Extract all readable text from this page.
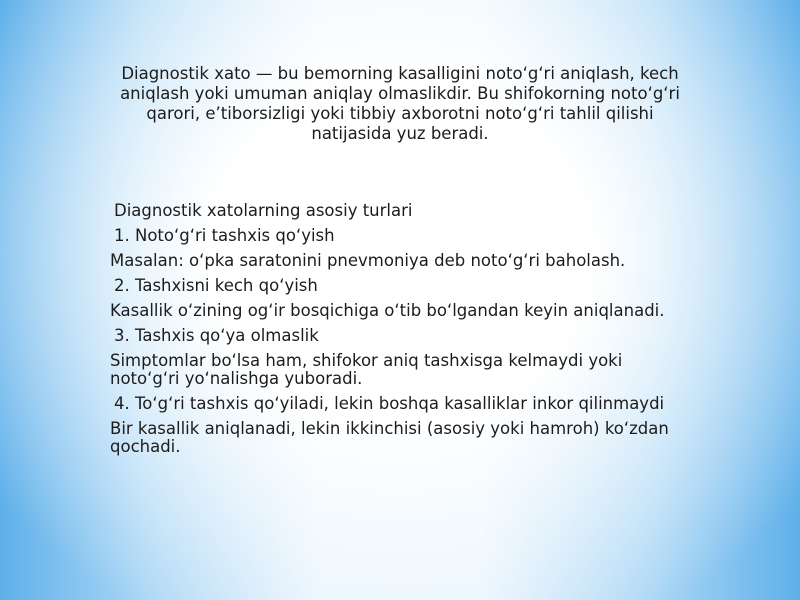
Diagnostik xato — bu bemorning kasalligini noto‘g‘ri aniqlash, kech aniqlash yoki umuman aniqlay olmaslikdir. Bu shifokorning noto‘g‘ri qarori, e’tiborsizligi yoki tibbiy axborotni noto‘g‘ri tahlil qilishi natijasida yuz beradi.

Diagnostik xatolarning asosiy turlari
1. Noto‘g‘ri tashxis qo‘yish
Masalan: o‘pka saratonini pnevmoniya deb noto‘g‘ri baholash.
2. Tashxisni kech qo‘yish
Kasallik o‘zining og‘ir bosqichiga o‘tib bo‘lgandan keyin aniqlanadi.
3. Tashxis qo‘ya olmaslik
Simptomlar bo‘lsa ham, shifokor aniq tashxisga kelmaydi yoki noto‘g‘ri yo‘nalishga yuboradi.
4. To‘g‘ri tashxis qo‘yiladi, lekin boshqa kasalliklar inkor qilinmaydi
Bir kasallik aniqlanadi, lekin ikkinchisi (asosiy yoki hamroh) ko‘zdan qochadi.
